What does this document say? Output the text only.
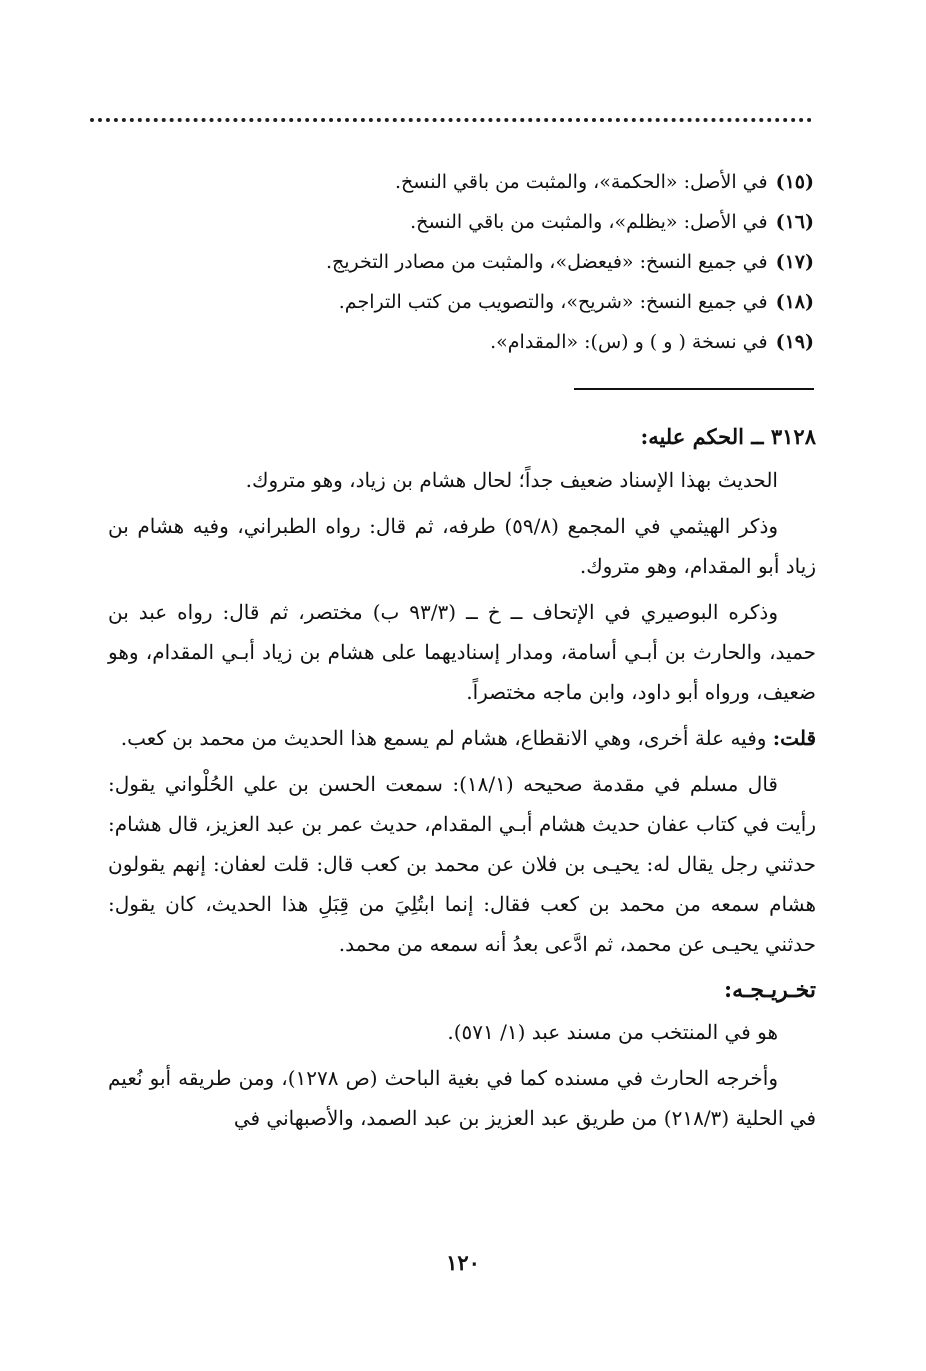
(١٥)في الأصل: «الحكمة»، والمثبت من باقي النسخ.
(١٦)في الأصل: «يظلم»، والمثبت من باقي النسخ.
(١٧)في جميع النسخ: «فيعضل»، والمثبت من مصادر التخريج.
(١٨)في جميع النسخ: «شريح»، والتصويب من كتب التراجم.
(١٩)في نسخة ( و ) و (س): «المقدام».
٣١٢٨ ــ الحكم عليه:

الحديث بهذا الإسناد ضعيف جداً؛ لحال هشام بن زياد، وهو متروك.

وذكر الهيثمي في المجمع (٥٩/٨) طرفه، ثم قال: رواه الطبراني، وفيه هشام بن زياد أبو المقدام، وهو متروك.

وذكره البوصيري في الإتحاف ــ خ ــ (٩٣/٣ ب) مختصر، ثم قال: رواه عبد بن حميد، والحارث بن أبـي أسامة، ومدار إسناديهما على هشام بن زياد أبـي المقدام، وهو ضعيف، ورواه أبو داود، وابن ماجه مختصراً.

قلت: وفيه علة أخرى، وهي الانقطاع، هشام لم يسمع هذا الحديث من محمد بن كعب.

قال مسلم في مقدمة صحيحه (١٨/١): سمعت الحسن بن علي الحُلْواني يقول: رأيت في كتاب عفان حديث هشام أبـي المقدام، حديث عمر بن عبد العزيز، قال هشام: حدثني رجل يقال له: يحيـى بن فلان عن محمد بن كعب قال: قلت لعفان: إنهم يقولون هشام سمعه من محمد بن كعب فقال: إنما ابتُلِيَ من قِبَلِ هذا الحديث، كان يقول: حدثني يحيـى عن محمد، ثم ادَّعى بعدُ أنه سمعه من محمد.

تخـريـجـه:

هو في المنتخب من مسند عبد (١/ ٥٧١).

وأخرجه الحارث في مسنده كما في بغية الباحث (ص ١٢٧٨)، ومن طريقه أبو نُعيم في الحلية (٢١٨/٣) من طريق عبد العزيز بن عبد الصمد، والأصبهاني في

١٢٠
